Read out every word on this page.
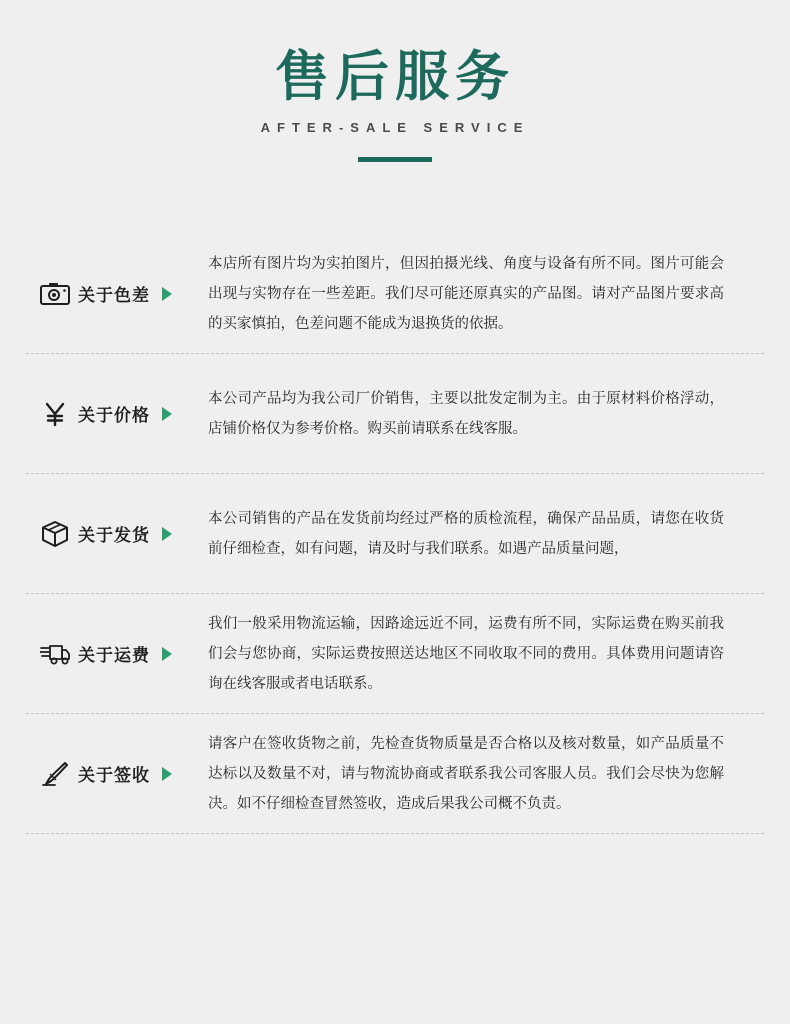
售后服务
AFTER-SALE SERVICE
关于色差
本店所有图片均为实拍图片，但因拍摄光线、角度与设备有所不同。图片可能会出现与实物存在一些差距。我们尽可能还原真实的产品图。请对产品图片要求高的买家慎拍，色差问题不能成为退换货的依据。
关于价格
本公司产品均为我公司厂价销售，主要以批发定制为主。由于原材料价格浮动，店铺价格仅为参考价格。购买前请联系在线客服。
关于发货
本公司销售的产品在发货前均经过严格的质检流程，确保产品品质，请您在收货前仔细检查，如有问题，请及时与我们联系。如遇产品质量问题，
关于运费
我们一般采用物流运输，因路途远近不同，运费有所不同，实际运费在购买前我们会与您协商，实际运费按照送达地区不同收取不同的费用。具体费用问题请咨询在线客服或者电话联系。
关于签收
请客户在签收货物之前，先检查货物质量是否合格以及核对数量，如产品质量不达标以及数量不对，请与物流协商或者联系我公司客服人员。我们会尽快为您解决。如不仔细检查冒然签收，造成后果我公司概不负责。
